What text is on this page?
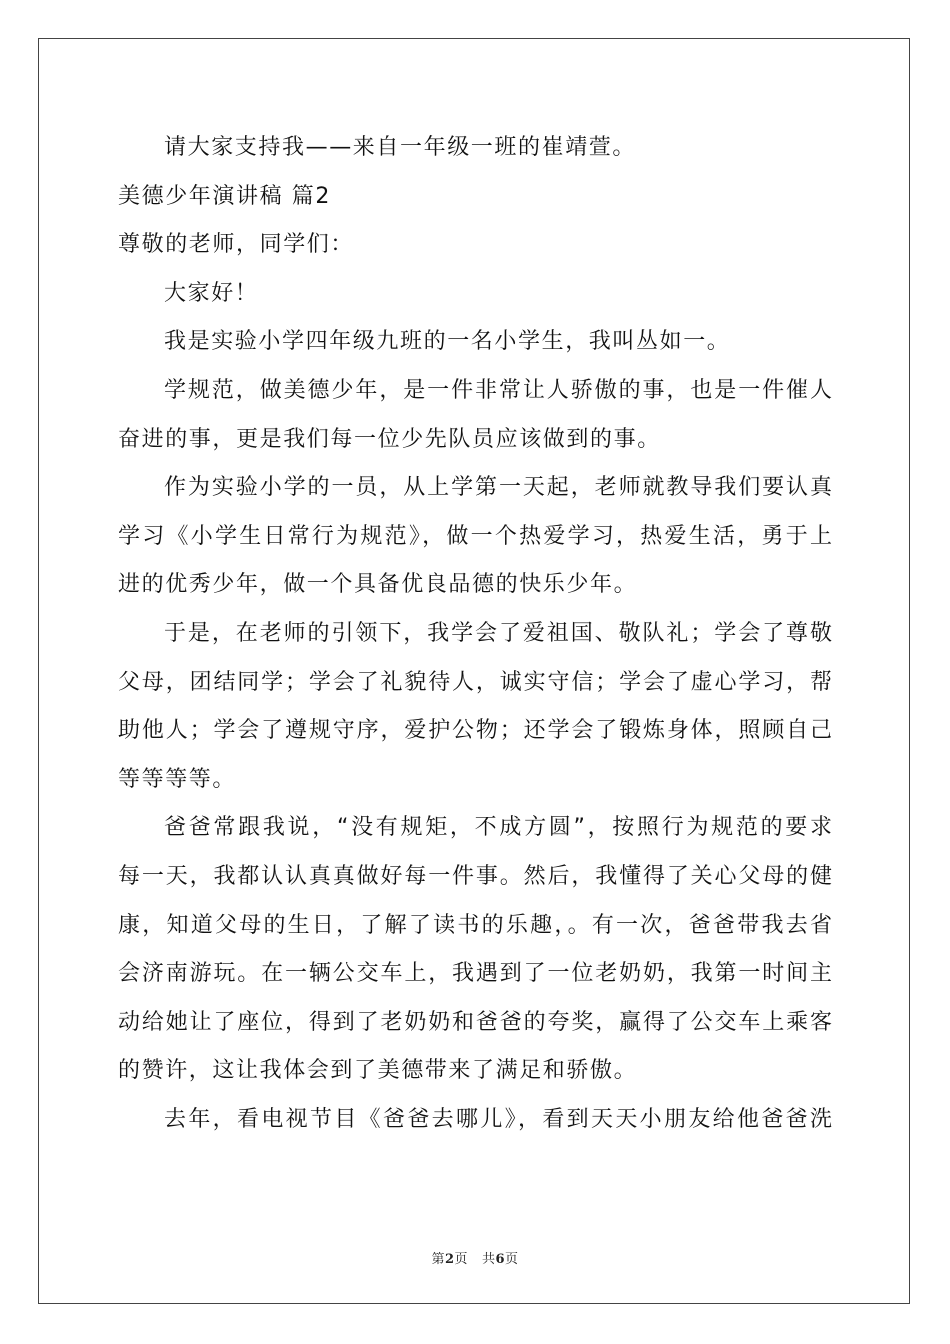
请大家支持我——来自一年级一班的崔靖萱。
美德少年演讲稿 篇2
尊敬的老师，同学们：
大家好！
我是实验小学四年级九班的一名小学生，我叫丛如一。
学规范，做美德少年，是一件非常让人骄傲的事，也是一件催人
奋进的事，更是我们每一位少先队员应该做到的事。
作为实验小学的一员，从上学第一天起，老师就教导我们要认真
学习《小学生日常行为规范》，做一个热爱学习，热爱生活，勇于上
进的优秀少年，做一个具备优良品德的快乐少年。
于是，在老师的引领下，我学会了爱祖国、敬队礼；学会了尊敬
父母，团结同学；学会了礼貌待人，诚实守信；学会了虚心学习，帮
助他人；学会了遵规守序，爱护公物；还学会了锻炼身体，照顾自己
等等等等。
爸爸常跟我说，“没有规矩，不成方圆”，按照行为规范的要求
每一天，我都认认真真做好每一件事。然后，我懂得了关心父母的健
康，知道父母的生日，了解了读书的乐趣，。有一次，爸爸带我去省
会济南游玩。在一辆公交车上，我遇到了一位老奶奶，我第一时间主
动给她让了座位，得到了老奶奶和爸爸的夸奖，赢得了公交车上乘客
的赞许，这让我体会到了美德带来了满足和骄傲。
去年，看电视节目《爸爸去哪儿》，看到天天小朋友给他爸爸洗
第2页 共6页
